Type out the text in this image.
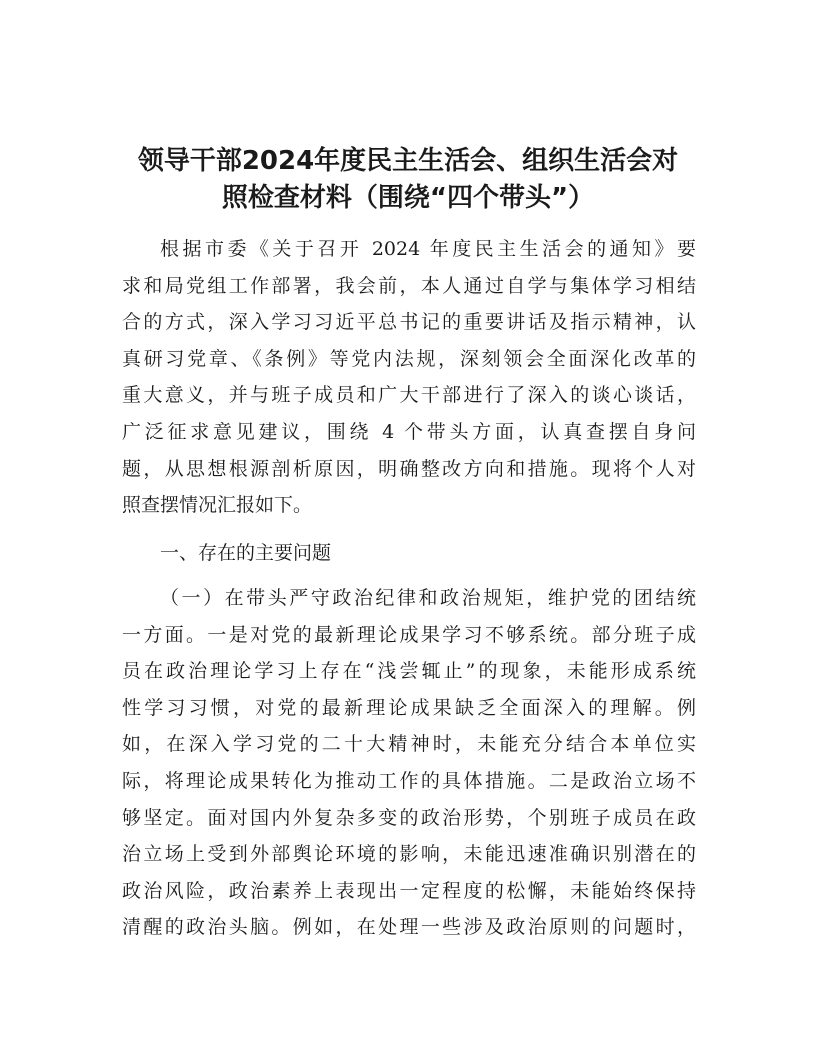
领导干部2024年度民主生活会、组织生活会对
照检查材料（围绕“四个带头”）
根据市委《关于召开 2024 年度民主生活会的通知》要
求和局党组工作部署，我会前，本人通过自学与集体学习相结
合的方式，深入学习习近平总书记的重要讲话及指示精神，认
真研习党章、《条例》等党内法规，深刻领会全面深化改革的
重大意义，并与班子成员和广大干部进行了深入的谈心谈话，
广泛征求意见建议，围绕 4 个带头方面，认真查摆自身问
题，从思想根源剖析原因，明确整改方向和措施。现将个人对
照查摆情况汇报如下。
一、存在的主要问题
（一）在带头严守政治纪律和政治规矩，维护党的团结统
一方面。一是对党的最新理论成果学习不够系统。部分班子成
员在政治理论学习上存在“浅尝辄止”的现象，未能形成系统
性学习习惯，对党的最新理论成果缺乏全面深入的理解。例
如，在深入学习党的二十大精神时，未能充分结合本单位实
际，将理论成果转化为推动工作的具体措施。二是政治立场不
够坚定。面对国内外复杂多变的政治形势，个别班子成员在政
治立场上受到外部舆论环境的影响，未能迅速准确识别潜在的
政治风险，政治素养上表现出一定程度的松懈，未能始终保持
清醒的政治头脑。例如，在处理一些涉及政治原则的问题时，
